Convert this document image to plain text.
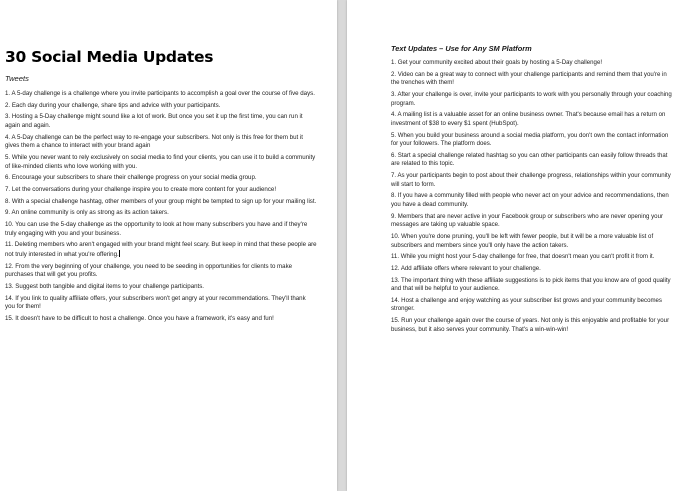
30 Social Media Updates
Tweets

1. A 5-day challenge is a challenge where you invite participants to accomplish a goal over the course of five days.

2. Each day during your challenge, share tips and advice with your participants.

3. Hosting a 5-Day challenge might sound like a lot of work. But once you set it up the first time, you can run it again and again.

4. A 5-Day challenge can be the perfect way to re-engage your subscribers. Not only is this free for them but it gives them a chance to interact with your brand again

5. While you never want to rely exclusively on social media to find your clients, you can use it to build a community of like-minded clients who love working with you.

6. Encourage your subscribers to share their challenge progress on your social media group.

7. Let the conversations during your challenge inspire you to create more content for your audience!

8. With a special challenge hashtag, other members of your group might be tempted to sign up for your mailing list.

9. An online community is only as strong as its action takers.

10. You can use the 5-day challenge as the opportunity to look at how many subscribers you have and if they're truly engaging with you and your business.

11. Deleting members who aren't engaged with your brand might feel scary. But keep in mind that these people are not truly interested in what you're offering.

12. From the very beginning of your challenge, you need to be seeding in opportunities for clients to make purchases that will get you profits.

13. Suggest both tangible and digital items to your challenge participants.

14. If you link to quality affiliate offers, your subscribers won't get angry at your recommendations. They'll thank you for them!

15. It doesn't have to be difficult to host a challenge. Once you have a framework, it's easy and fun!

Text Updates – Use for Any SM Platform

1. Get your community excited about their goals by hosting a 5-Day challenge!

2. Video can be a great way to connect with your challenge participants and remind them that you're in the trenches with them!

3. After your challenge is over, invite your participants to work with you personally through your coaching program.

4. A mailing list is a valuable asset for an online business owner. That's because email has a return on investment of $38 to every $1 spent (HubSpot).

5. When you build your business around a social media platform, you don't own the contact information for your followers. The platform does.

6. Start a special challenge related hashtag so you can other participants can easily follow threads that are related to this topic.

7. As your participants begin to post about their challenge progress, relationships within your community will start to form.

8. If you have a community filled with people who never act on your advice and recommendations, then you have a dead community.

9. Members that are never active in your Facebook group or subscribers who are never opening your messages are taking up valuable space.

10. When you're done pruning, you'll be left with fewer people, but it will be a more valuable list of subscribers and members since you'll only have the action takers.

11. While you might host your 5-day challenge for free, that doesn't mean you can't profit it from it.

12. Add affiliate offers where relevant to your challenge.

13. The important thing with these affiliate suggestions is to pick items that you know are of good quality and that will be helpful to your audience.

14. Host a challenge and enjoy watching as your subscriber list grows and your community becomes stronger.

15. Run your challenge again over the course of years. Not only is this enjoyable and profitable for your business, but it also serves your community. That's a win-win-win!
